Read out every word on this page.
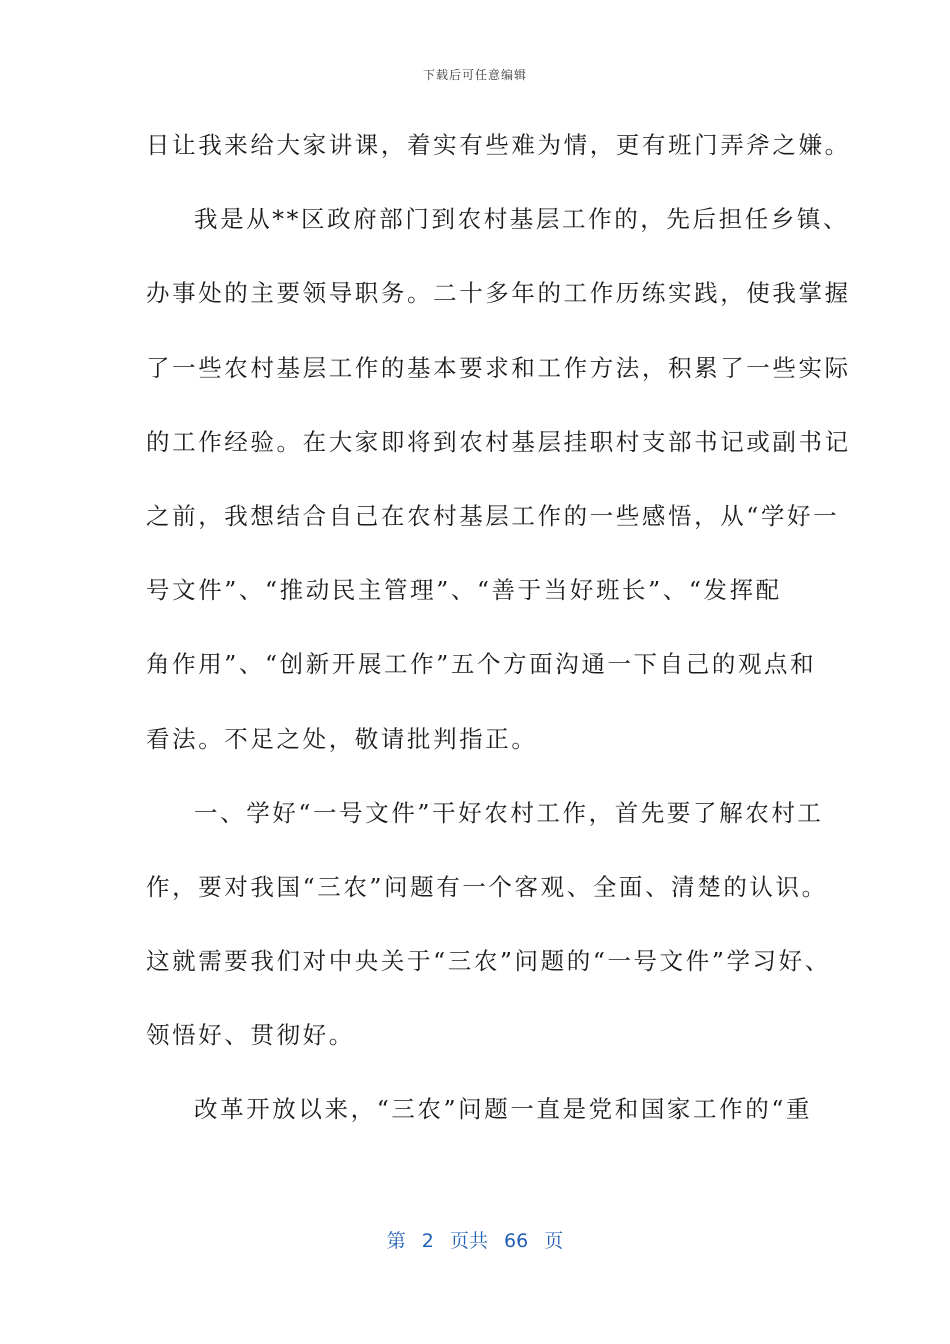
下载后可任意编辑
日让我来给大家讲课，着实有些难为情，更有班门弄斧之嫌。
我是从**区政府部门到农村基层工作的，先后担任乡镇、
办事处的主要领导职务。二十多年的工作历练实践，使我掌握
了一些农村基层工作的基本要求和工作方法，积累了一些实际
的工作经验。在大家即将到农村基层挂职村支部书记或副书记
之前，我想结合自己在农村基层工作的一些感悟，从“学好一
号文件”、“推动民主管理”、“善于当好班长”、“发挥配
角作用”、“创新开展工作”五个方面沟通一下自己的观点和
看法。不足之处，敬请批判指正。
一、学好“一号文件”干好农村工作，首先要了解农村工
作，要对我国“三农”问题有一个客观、全面、清楚的认识。
这就需要我们对中央关于“三农”问题的“一号文件”学习好、
领悟好、贯彻好。
改革开放以来，“三农”问题一直是党和国家工作的“重
第 2 页共 66 页
